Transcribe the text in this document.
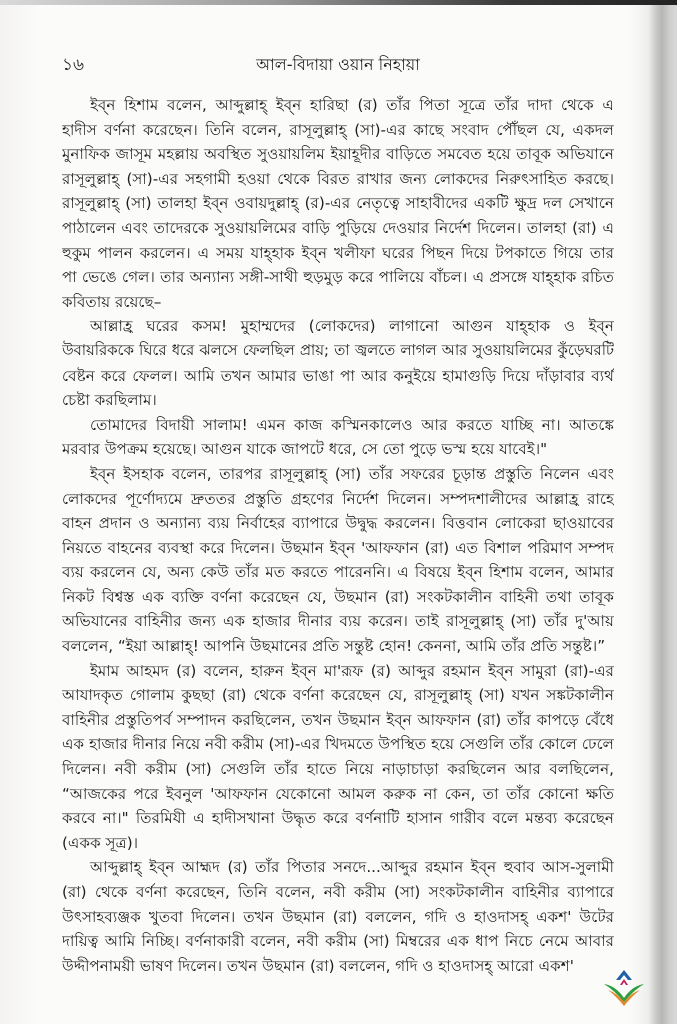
১৬	আল-বিদায়া ওয়ান নিহায়া
ইব্ন হিশাম বলেন, আব্দুল্লাহ্ ইব্ন হারিছা (র) তাঁর পিতা সূত্রে তাঁর দাদা থেকে এ
হাদীস বর্ণনা করেছেন। তিনি বলেন, রাসূলুল্লাহ্ (সা)-এর কাছে সংবাদ পৌঁছল যে, একদল
মুনাফিক জাসূম মহল্লায় অবস্থিত সুওয়ায়লিম ইয়াহূদীর বাড়িতে সমবেত হয়ে তাবূক অভিযানে
রাসূলুল্লাহ্ (সা)-এর সহগামী হওয়া থেকে বিরত রাখার জন্য লোকদের নিরুৎসাহিত করছে।
রাসূলুল্লাহ্ (সা) তালহা ইব্ন ওবায়দুল্লাহ্ (র)-এর নেতৃত্বে সাহাবীদের একটি ক্ষুদ্র দল সেখানে
পাঠালেন এবং তাদেরকে সুওয়ায়লিমের বাড়ি পুড়িয়ে দেওয়ার নির্দেশ দিলেন। তালহা (রা) এ
হুকুম পালন করলেন। এ সময় যাহ্হাক ইব্ন খলীফা ঘরের পিছন দিয়ে টপকাতে গিয়ে তার
পা ভেঙে গেল। তার অন্যান্য সঙ্গী-সাথী হুড়মুড় করে পালিয়ে বাঁচল। এ প্রসঙ্গে যাহ্হাক রচিত
কবিতায় রয়েছে–
আল্লাহ্র ঘরের কসম! মুহাম্মদের (লোকদের) লাগানো আগুন যাহ্হাক ও ইব্ন
উবায়রিককে ঘিরে ধরে ঝলসে ফেলছিল প্রায়; তা জ্বলতে লাগল আর সুওয়ায়লিমের কুঁড়েঘরটি
বেষ্টন করে ফেলল। আমি তখন আমার ভাঙা পা আর কনুইয়ে হামাগুড়ি দিয়ে দাঁড়াবার ব্যর্থ
চেষ্টা করছিলাম।
তোমাদের বিদায়ী সালাম! এমন কাজ কস্মিনকালেও আর করতে যাচ্ছি না। আতঙ্কে
মরবার উপক্রম হয়েছে। আগুন যাকে জাপটে ধরে, সে তো পুড়ে ভস্ম হয়ে যাবেই।"
ইব্ন ইসহাক বলেন, তারপর রাসূলুল্লাহ্ (সা) তাঁর সফরের চূড়ান্ত প্রস্তুতি নিলেন এবং
লোকদের পূর্ণোদ্যমে দ্রুততর প্রস্তুতি গ্রহণের নির্দেশ দিলেন। সম্পদশালীদের আল্লাহ্র রাহে
বাহন প্রদান ও অন্যান্য ব্যয় নির্বাহের ব্যাপারে উদ্বুদ্ধ করলেন। বিত্তবান লোকেরা ছাওয়াবের
নিয়তে বাহনের ব্যবস্থা করে দিলেন। উছমান ইব্ন 'আফফান (রা) এত বিশাল পরিমাণ সম্পদ
ব্যয় করলেন যে, অন্য কেউ তাঁর মত করতে পারেননি। এ বিষয়ে ইব্ন হিশাম বলেন, আমার
নিকট বিশ্বস্ত এক ব্যক্তি বর্ণনা করেছেন যে, উছমান (রা) সংকটকালীন বাহিনী তথা তাবূক
অভিযানের বাহিনীর জন্য এক হাজার দীনার ব্যয় করেন। তাই রাসূলুল্লাহ্ (সা) তাঁর দু'আয়
বললেন, “ইয়া আল্লাহ্! আপনি উছমানের প্রতি সন্তুষ্ট হোন! কেননা, আমি তাঁর প্রতি সন্তুষ্ট।”
ইমাম আহমদ (র) বলেন, হারুন ইব্ন মা'রূফ (র) আব্দুর রহমান ইব্ন সামুরা (রা)-এর
আযাদকৃত গোলাম কুছছা (রা) থেকে বর্ণনা করেছেন যে, রাসূলুল্লাহ্ (সা) যখন সঙ্কটকালীন
বাহিনীর প্রস্তুতিপর্ব সম্পাদন করছিলেন, তখন উছমান ইব্ন আফফান (রা) তাঁর কাপড়ে বেঁধে
এক হাজার দীনার নিয়ে নবী করীম (সা)-এর খিদমতে উপস্থিত হয়ে সেগুলি তাঁর কোলে ঢেলে
দিলেন। নবী করীম (সা) সেগুলি তাঁর হাতে নিয়ে নাড়াচাড়া করছিলেন আর বলছিলেন,
“আজকের পরে ইবনুল 'আফফান যেকোনো আমল করুক না কেন, তা তাঁর কোনো ক্ষতি
করবে না।" তিরমিযী এ হাদীসখানা উদ্ধৃত করে বর্ণনাটি হাসান গারীব বলে মন্তব্য করেছেন
(একক সূত্র)।
আব্দুল্লাহ্ ইব্ন আহ্মদ (র) তাঁর পিতার সনদে...আব্দুর রহমান ইব্ন হুবাব আস-সুলামী
(রা) থেকে বর্ণনা করেছেন, তিনি বলেন, নবী করীম (সা) সংকটকালীন বাহিনীর ব্যাপারে
উৎসাহব্যঞ্জক খুতবা দিলেন। তখন উছমান (রা) বললেন, গদি ও হাওদাসহ্ একশ' উটের
দায়িত্ব আমি নিচ্ছি। বর্ণনাকারী বলেন, নবী করীম (সা) মিম্বরের এক ধাপ নিচে নেমে আবার
উদ্দীপনাময়ী ভাষণ দিলেন। তখন উছমান (রা) বললেন, গদি ও হাওদাসহ্ আরো একশ'
